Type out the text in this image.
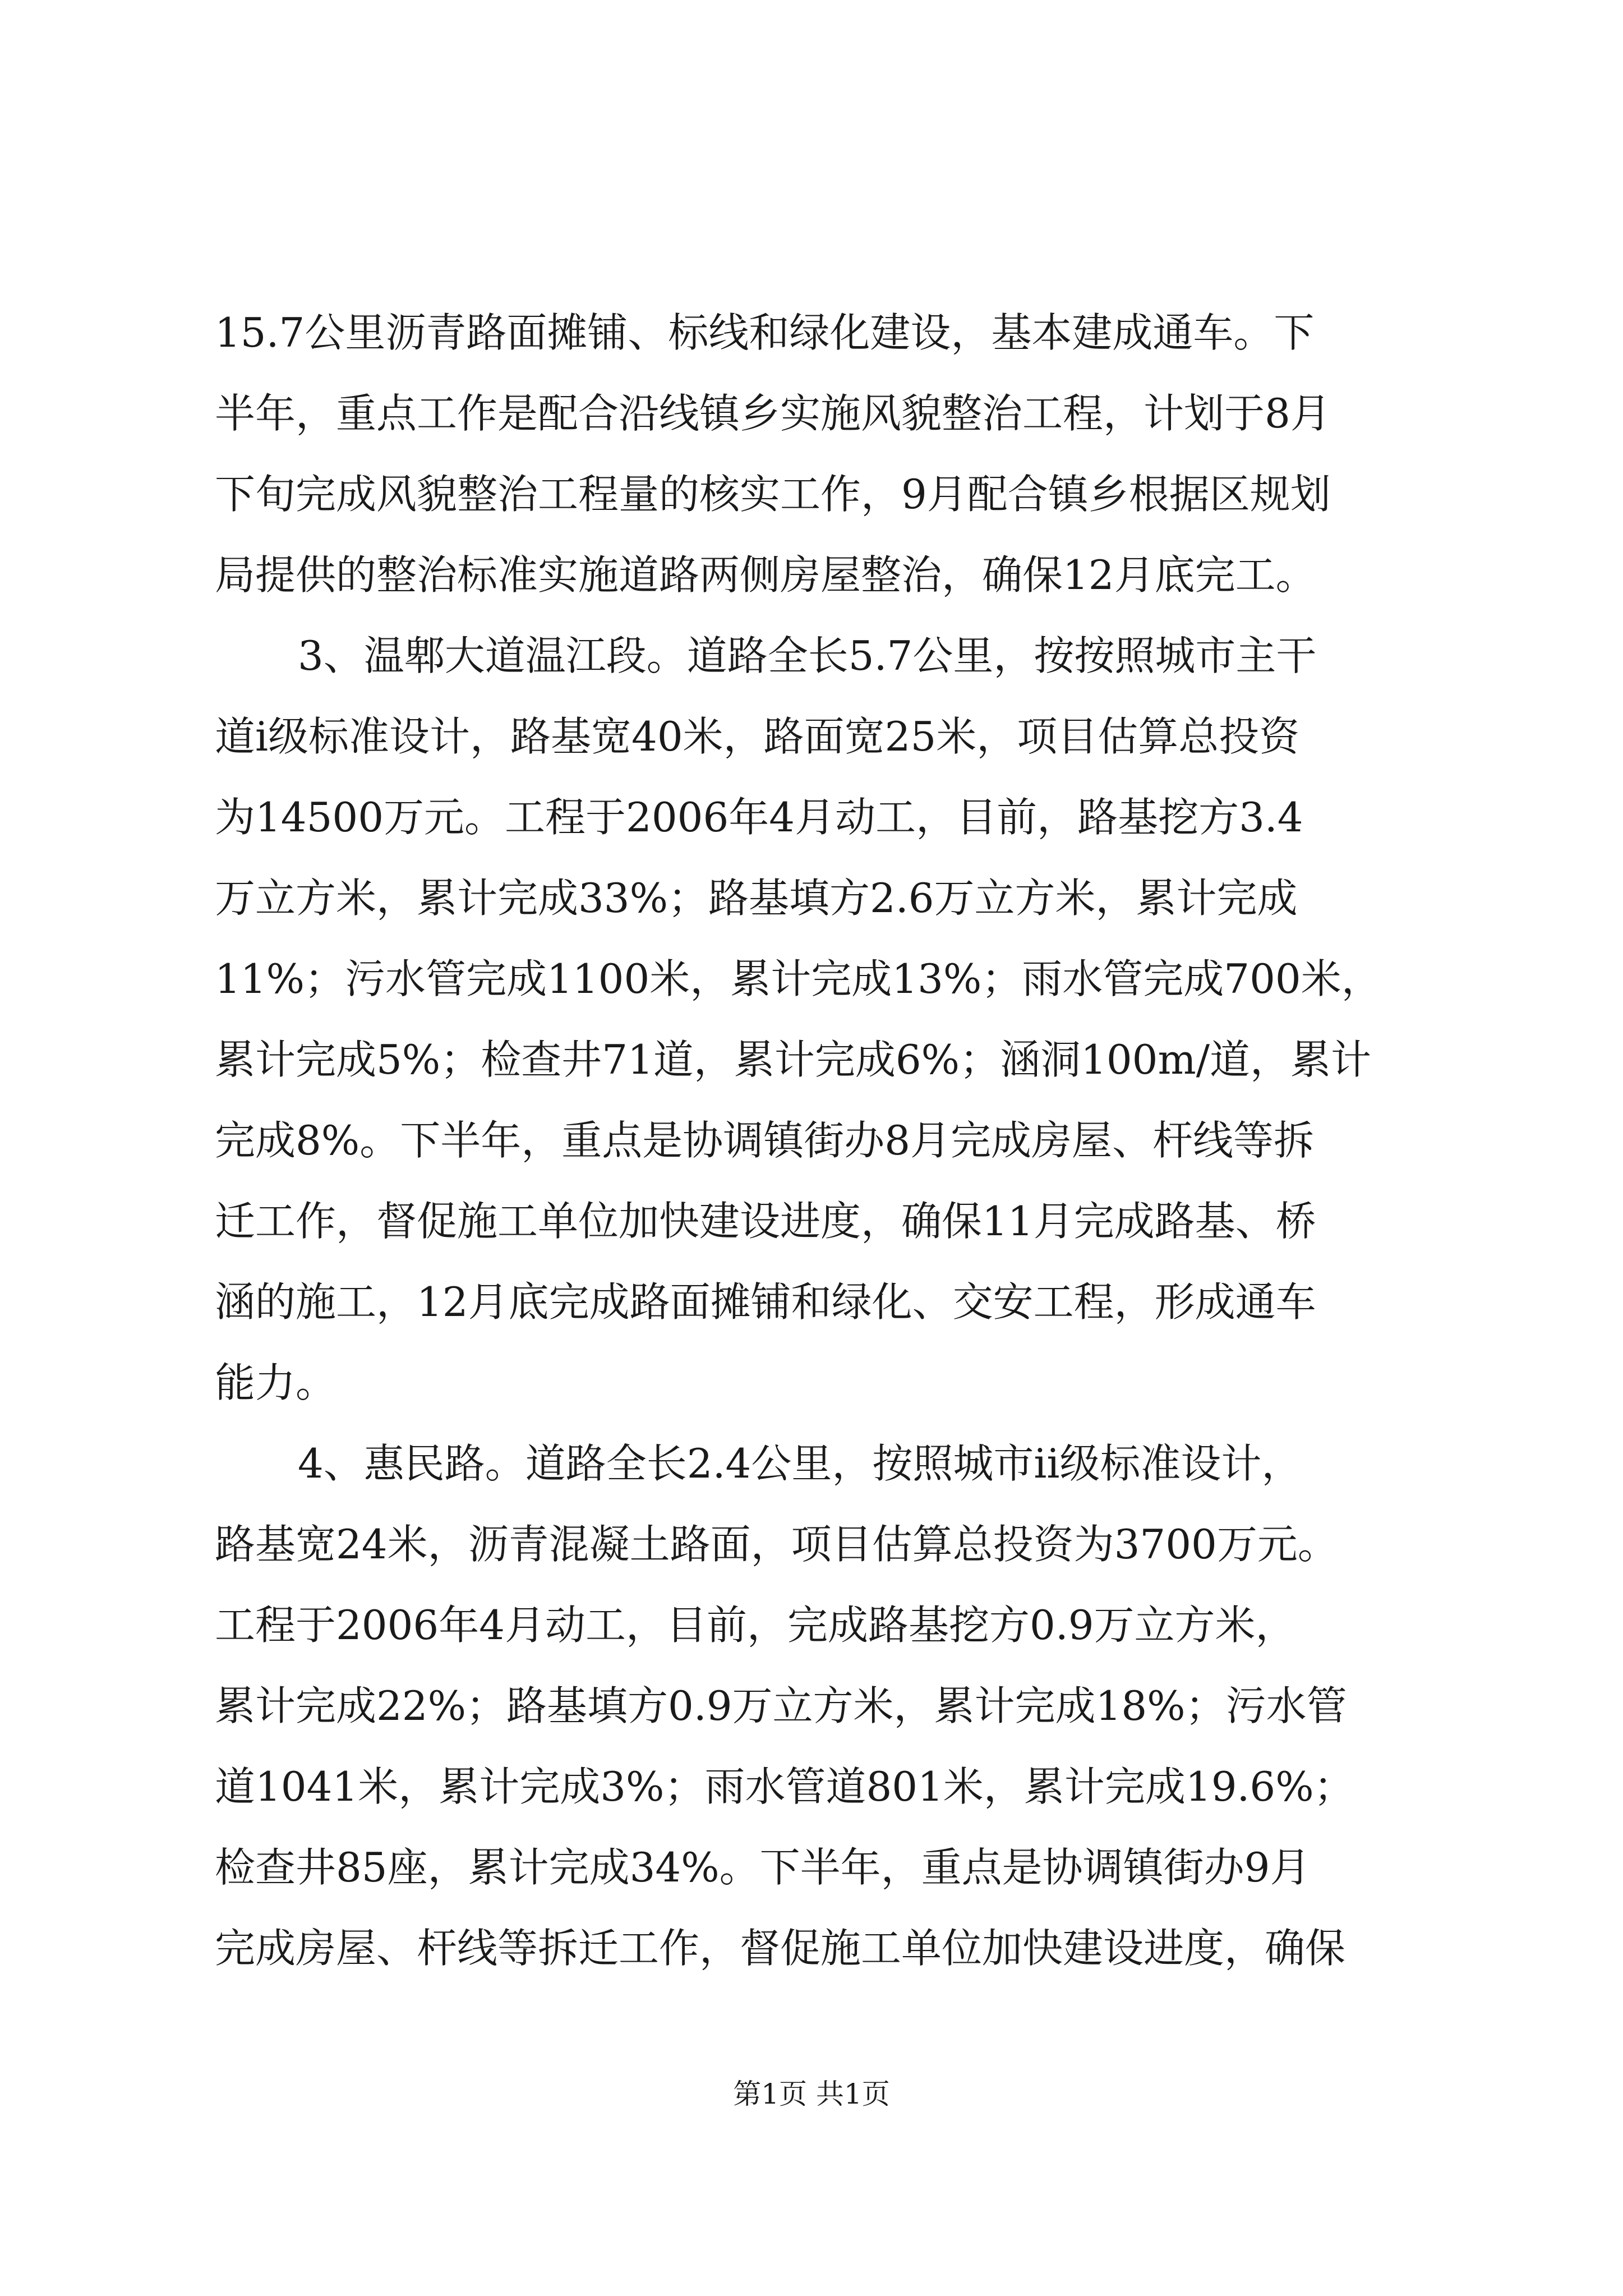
15.7公里沥青路面摊铺、标线和绿化建设，基本建成通车。下
半年，重点工作是配合沿线镇乡实施风貌整治工程，计划于8月
下旬完成风貌整治工程量的核实工作，9月配合镇乡根据区规划
局提供的整治标准实施道路两侧房屋整治，确保12月底完工。
3、温郫大道温江段。道路全长5.7公里，按按照城市主干
道i级标准设计，路基宽40米，路面宽25米，项目估算总投资
为14500万元。工程于2006年4月动工，目前，路基挖方3.4
万立方米，累计完成33%；路基填方2.6万立方米，累计完成
11%；污水管完成1100米，累计完成13%；雨水管完成700米，
累计完成5%；检查井71道，累计完成6%；涵洞100m/道，累计
完成8%。下半年，重点是协调镇街办8月完成房屋、杆线等拆
迁工作，督促施工单位加快建设进度，确保11月完成路基、桥
涵的施工，12月底完成路面摊铺和绿化、交安工程，形成通车
能力。
4、惠民路。道路全长2.4公里，按照城市ii级标准设计，
路基宽24米，沥青混凝土路面，项目估算总投资为3700万元。
工程于2006年4月动工，目前，完成路基挖方0.9万立方米，
累计完成22%；路基填方0.9万立方米，累计完成18%；污水管
道1041米，累计完成3%；雨水管道801米，累计完成19.6%；
检查井85座，累计完成34%。下半年，重点是协调镇街办9月
完成房屋、杆线等拆迁工作，督促施工单位加快建设进度，确保
第1页 共1页
